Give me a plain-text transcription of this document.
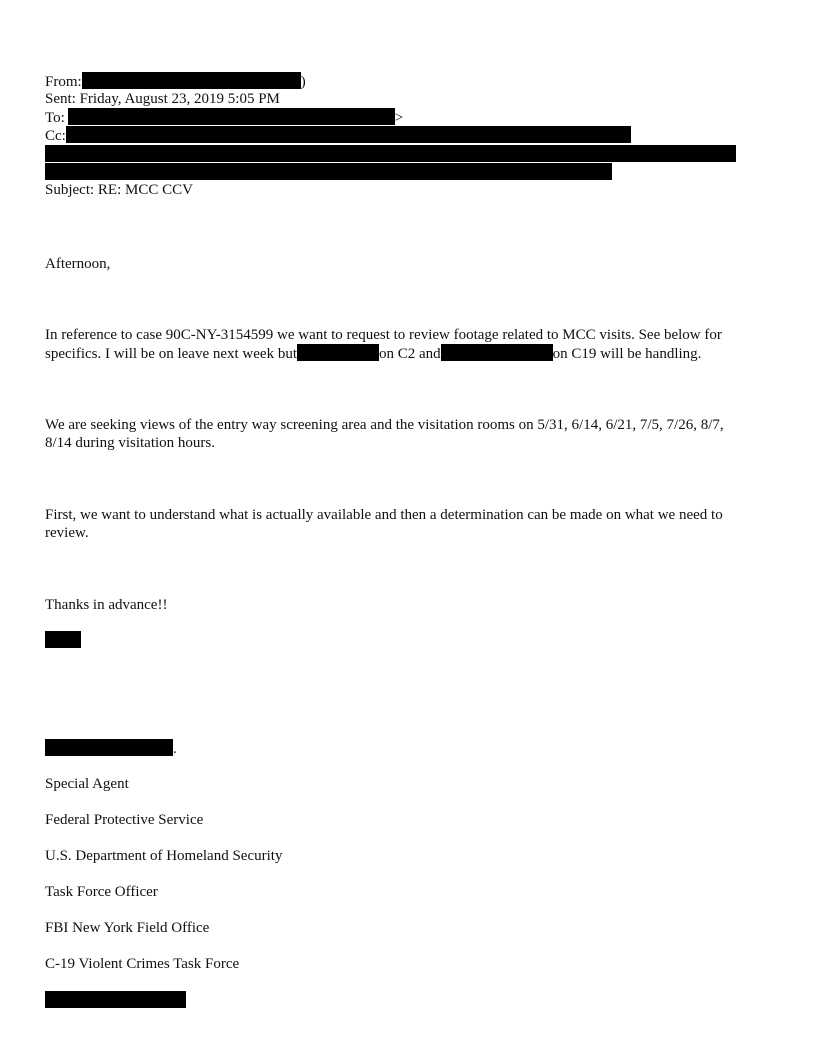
From:	)
Sent: Friday, August 23, 2019 5:05 PM
To:	>
Cc:
Subject: RE: MCC CCV
Afternoon,
In reference to case 90C-NY-3154599 we want to request to review footage related to MCC visits. See below for
specifics. I will be on leave next week but	on C2 and	on C19 will be handling.
We are seeking views of the entry way screening area and the visitation rooms on 5/31, 6/14, 6/21, 7/5, 7/26, 8/7,
8/14 during visitation hours.
First, we want to understand what is actually available and then a determination can be made on what we need to
review.
Thanks in advance!!
.
Special Agent
Federal Protective Service
U.S. Department of Homeland Security
Task Force Officer
FBI New York Field Office
C-19 Violent Crimes Task Force
